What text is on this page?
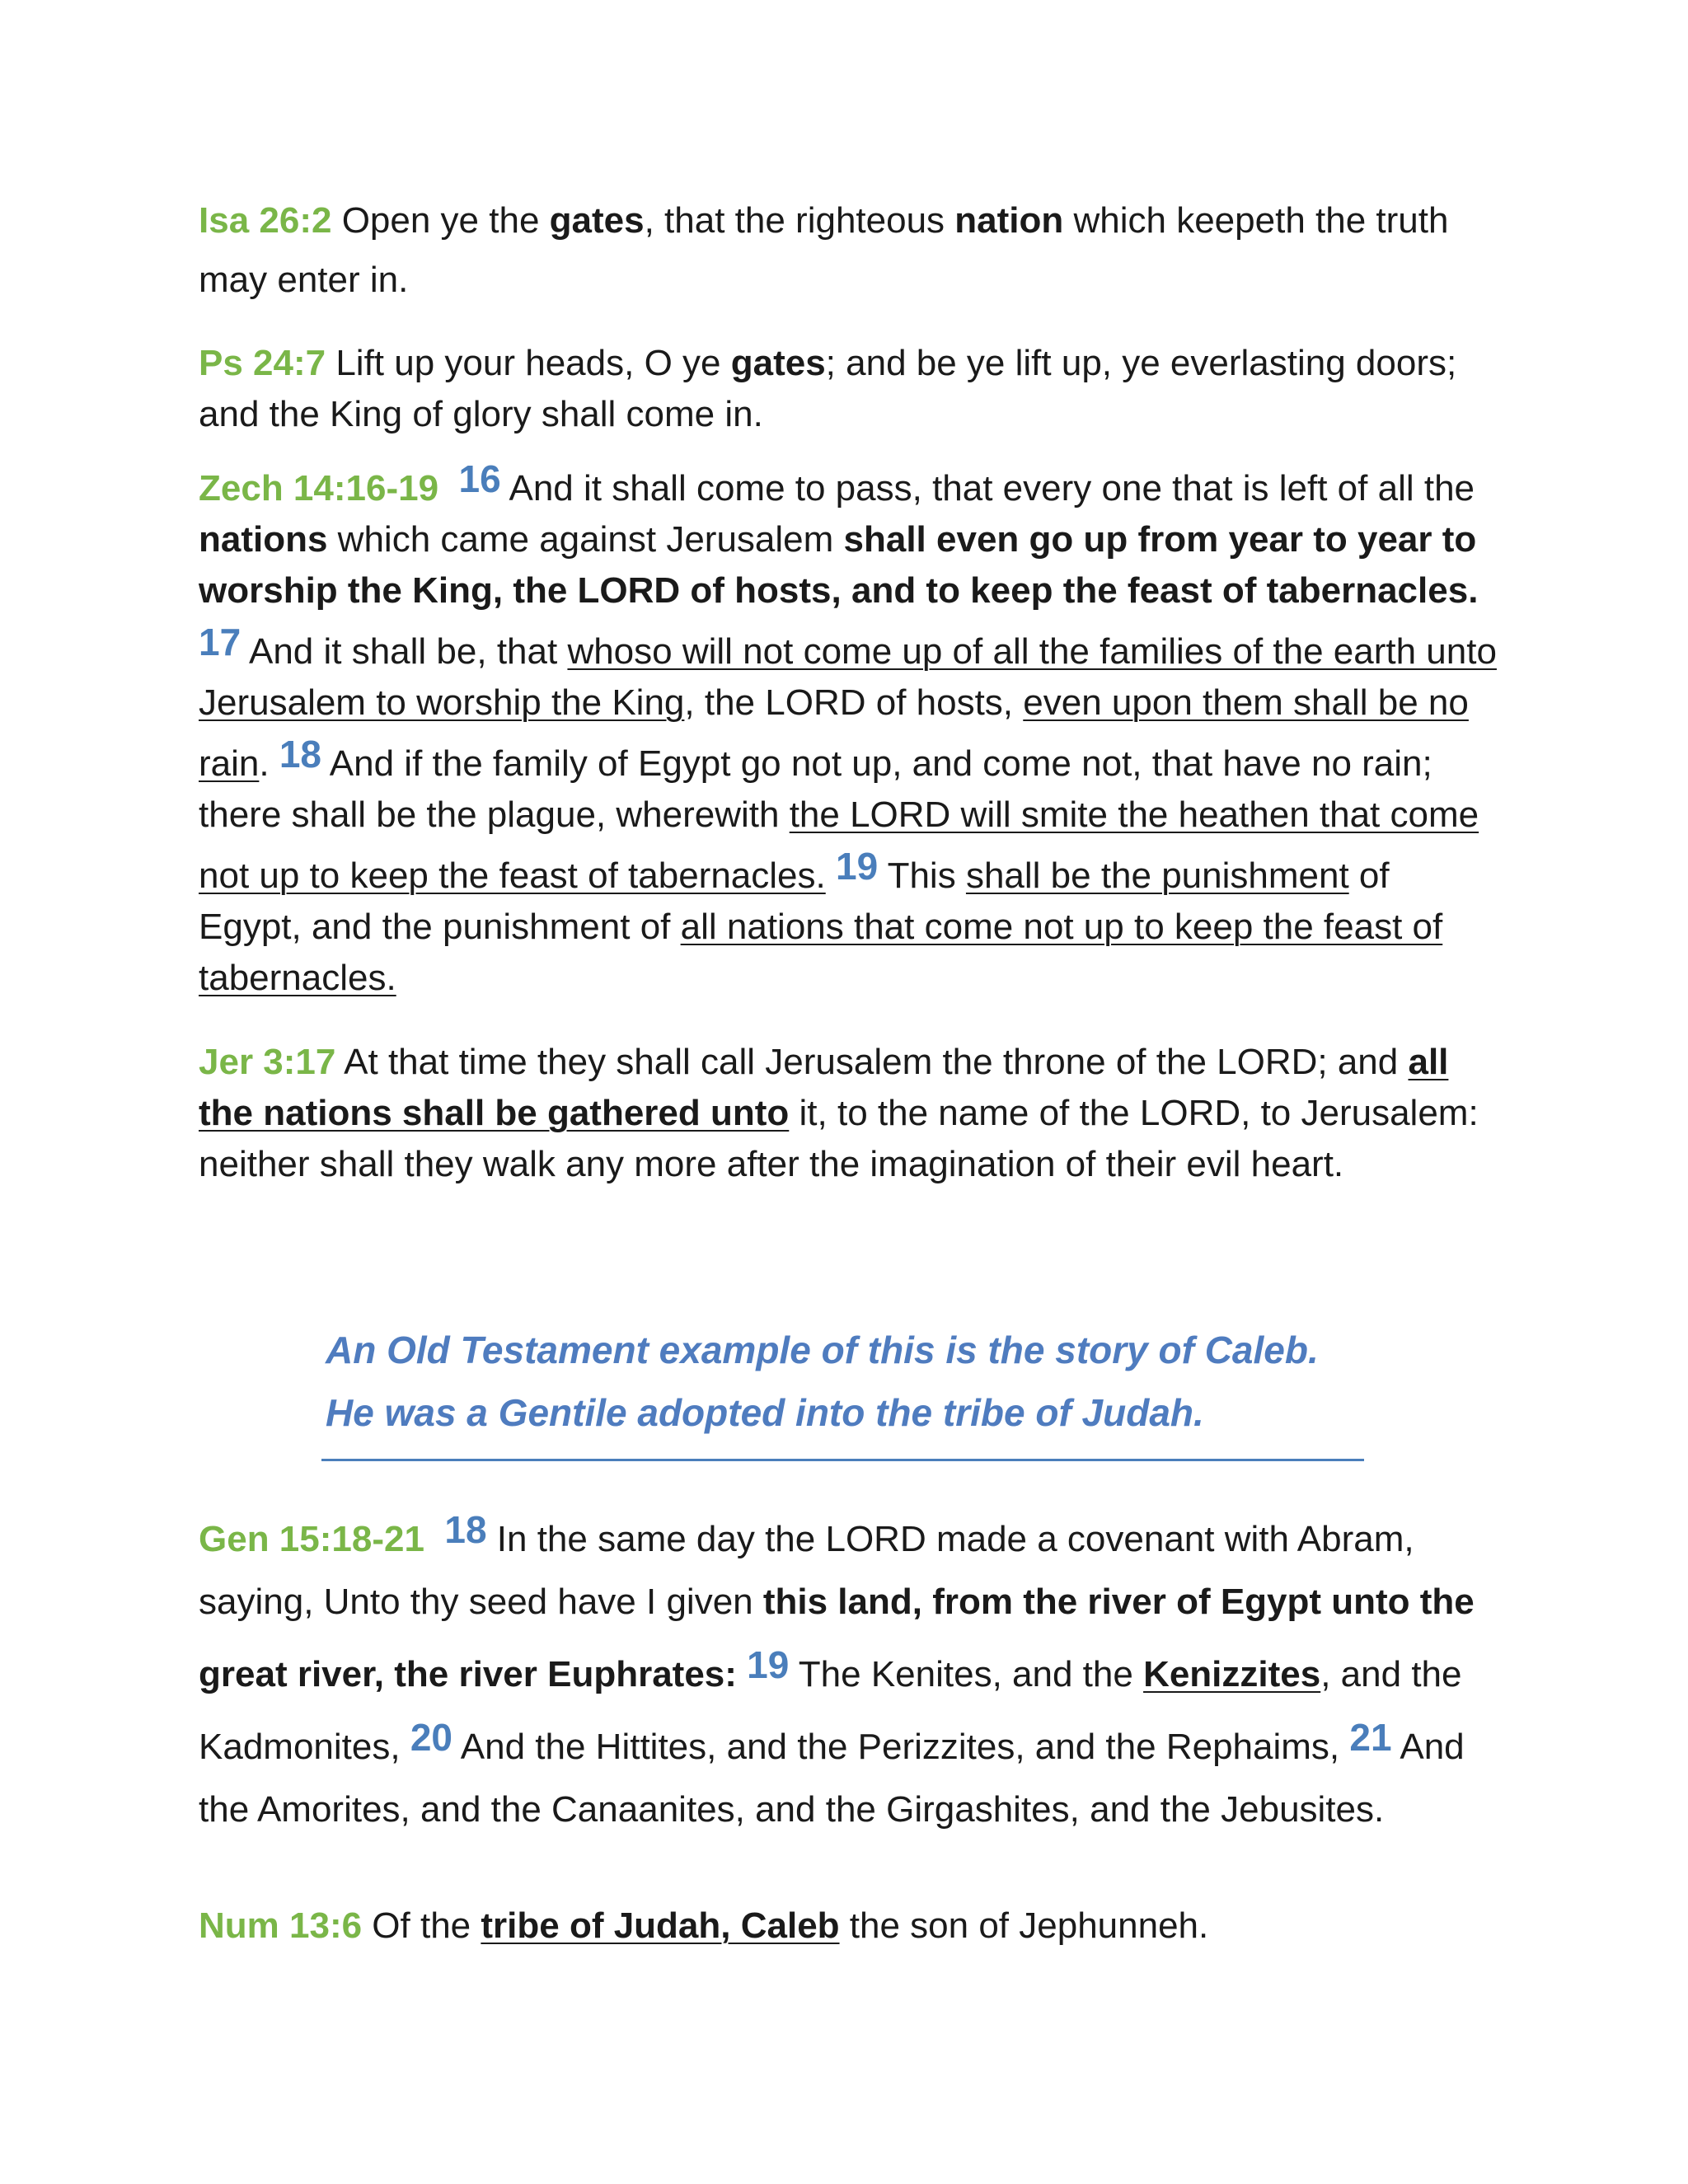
Isa 26:2 Open ye the gates, that the righteous nation which keepeth the truth may enter in.

Ps 24:7 Lift up your heads, O ye gates; and be ye lift up, ye everlasting doors; and the King of glory shall come in.

Zech 14:16-19 16 And it shall come to pass, that every one that is left of all the nations which came against Jerusalem shall even go up from year to year to worship the King, the LORD of hosts, and to keep the feast of tabernacles. 17 And it shall be, that whoso will not come up of all the families of the earth unto Jerusalem to worship the King, the LORD of hosts, even upon them shall be no rain. 18 And if the family of Egypt go not up, and come not, that have no rain; there shall be the plague, wherewith the LORD will smite the heathen that come not up to keep the feast of tabernacles. 19 This shall be the punishment of Egypt, and the punishment of all nations that come not up to keep the feast of tabernacles.

Jer 3:17 At that time they shall call Jerusalem the throne of the LORD; and all the nations shall be gathered unto it, to the name of the LORD, to Jerusalem: neither shall they walk any more after the imagination of their evil heart.

An Old Testament example of this is the story of Caleb.
He was a Gentile adopted into the tribe of Judah.

Gen 15:18-21 18 In the same day the LORD made a covenant with Abram, saying, Unto thy seed have I given this land, from the river of Egypt unto the great river, the river Euphrates: 19 The Kenites, and the Kenizzites, and the Kadmonites, 20 And the Hittites, and the Perizzites, and the Rephaims, 21 And the Amorites, and the Canaanites, and the Girgashites, and the Jebusites.

Num 13:6 Of the tribe of Judah, Caleb the son of Jephunneh.
